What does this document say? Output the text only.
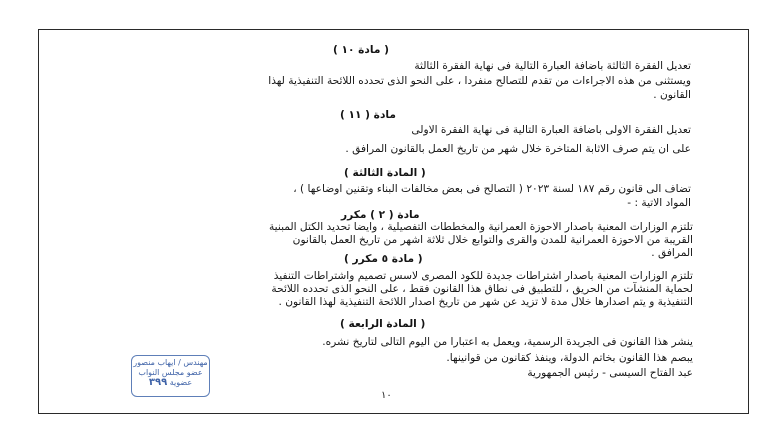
( مادة ١٠ )
تعديل الفقرة الثالثة باضافة العبارة التالية فى نهاية الفقرة الثالثة
ويستثنى من هذه الاجراءات من تقدم للتصالح منفردا ، على النحو الذى تحدده اللائحة التنفيذية لهذا
القانون .
مادة ( ١١ )
تعديل الفقرة الاولى باضافة العبارة التالية فى نهاية الفقرة الاولى
على ان يتم صرف الاثابة المتاخرة خلال شهر من تاريخ العمل بالقانون المرافق .
( المادة الثالثة )
تضاف الى قانون رقم ١٨٧ لسنة ٢٠٢٣ ( التصالح فى بعض مخالفات البناء وتقنين اوضاعها ) ،
المواد الاتية : -
مادة ( ٢ ) مكرر
تلتزم الوزارات المعنية باصدار الاحوزة العمرانية والمخططات التفصيلية ، وايضا تحديد الكتل المبنية
القريبة من الاحوزة العمرانية للمدن والقرى والتوابع خلال ثلاثة اشهر من تاريخ العمل بالقانون
المرافق .
( مادة ٥ مكرر )
تلتزم الوزارات المعنية باصدار اشتراطات جديدة للكود المصرى لاسس تصميم واشتراطات التنفيذ
لحماية المنشآت من الحريق ، للتطبيق فى نطاق هذا القانون فقط ، على النحو الذى تحدده اللائحة
التنفيذية و يتم اصدارها خلال مدة لا تزيد عن شهر من تاريخ اصدار اللائحة التنفيذية لهذا القانون .
( المادة الرابعة )
ينشر هذا القانون فى الجريدة الرسمية، ويعمل به اعتبارا من اليوم التالى لتاريخ نشره.
يبصم هذا القانون بخاتم الدولة، وينفذ كقانون من قوانينها.
عبد الفتاح السيسى - رئيس الجمهورية
مهندس / ايهاب منصور
عضو مجلس النواب
عضوية ٣٩٩
١٠
